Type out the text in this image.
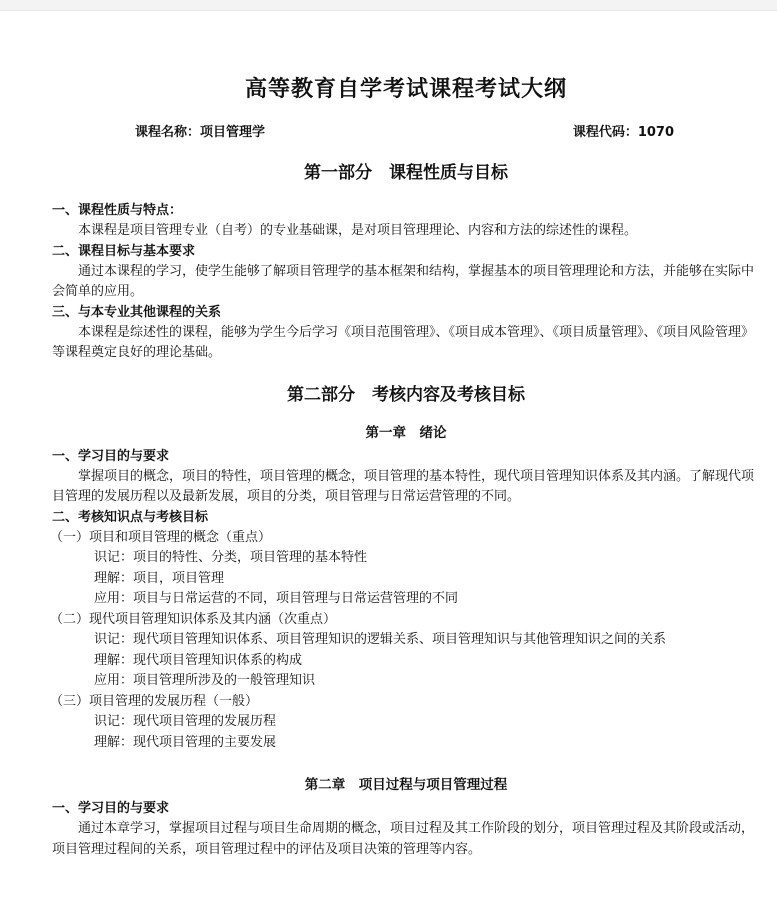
高等教育自学考试课程考试大纲
课程名称：项目管理学	课程代码：1070
第一部分　课程性质与目标
一、课程性质与特点：
本课程是项目管理专业（自考）的专业基础课，是对项目管理理论、内容和方法的综述性的课程。
二、课程目标与基本要求
通过本课程的学习，使学生能够了解项目管理学的基本框架和结构，掌握基本的项目管理理论和方法，并能够在实际中会简单的应用。
三、与本专业其他课程的关系
本课程是综述性的课程，能够为学生今后学习《项目范围管理》、《项目成本管理》、《项目质量管理》、《项目风险管理》等课程奠定良好的理论基础。
第二部分　考核内容及考核目标
第一章　绪论
一、学习目的与要求
掌握项目的概念，项目的特性，项目管理的概念，项目管理的基本特性，现代项目管理知识体系及其内涵。了解现代项目管理的发展历程以及最新发展，项目的分类，项目管理与日常运营管理的不同。
二、考核知识点与考核目标
（一）项目和项目管理的概念（重点）
识记：项目的特性、分类，项目管理的基本特性
理解：项目，项目管理
应用：项目与日常运营的不同，项目管理与日常运营管理的不同
（二）现代项目管理知识体系及其内涵（次重点）
识记：现代项目管理知识体系、项目管理知识的逻辑关系、项目管理知识与其他管理知识之间的关系
理解：现代项目管理知识体系的构成
应用：项目管理所涉及的一般管理知识
（三）项目管理的发展历程（一般）
识记：现代项目管理的发展历程
理解：现代项目管理的主要发展
第二章　项目过程与项目管理过程
一、学习目的与要求
通过本章学习，掌握项目过程与项目生命周期的概念，项目过程及其工作阶段的划分，项目管理过程及其阶段或活动，项目管理过程间的关系，项目管理过程中的评估及项目决策的管理等内容。
